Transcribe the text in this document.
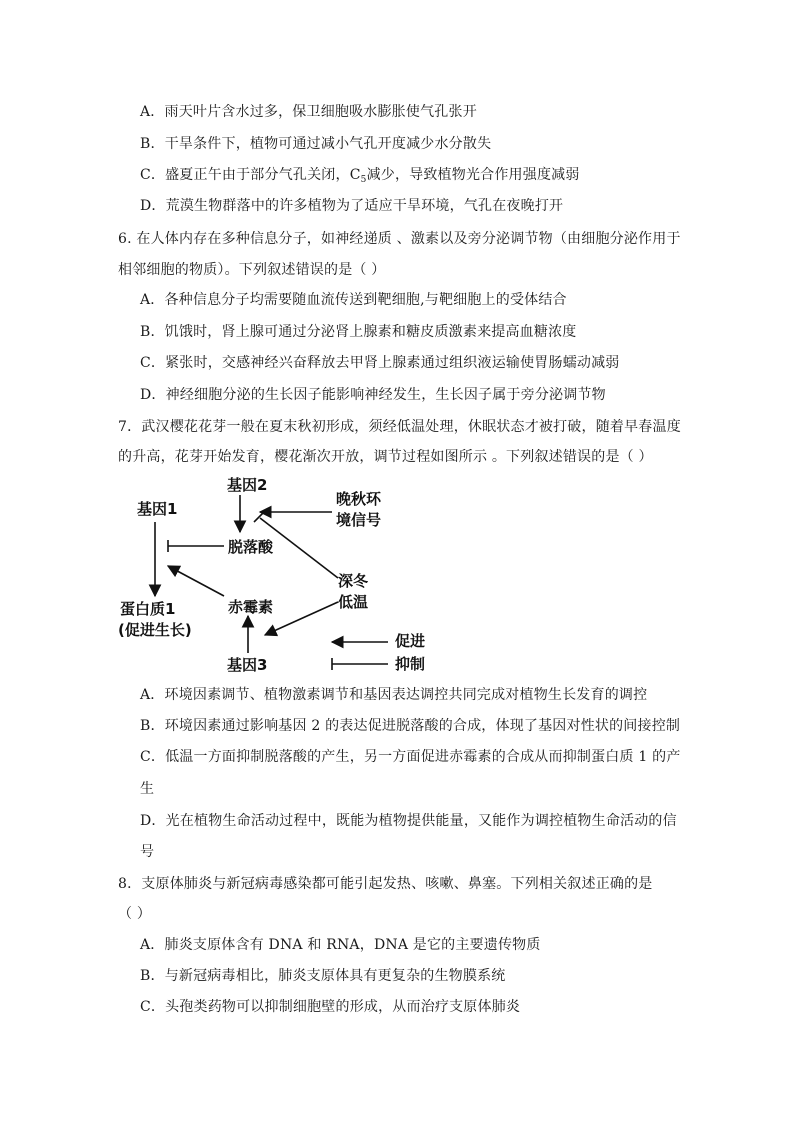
A．雨天叶片含水过多，保卫细胞吸水膨胀使气孔张开
B．干旱条件下，植物可通过减小气孔开度减少水分散失
C．盛夏正午由于部分气孔关闭，$C_5$减少，导致植物光合作用强度减弱
D．荒漠生物群落中的许多植物为了适应干旱环境，气孔在夜晚打开
6. 在人体内存在多种信息分子，如神经递质 、激素以及旁分泌调节物（由细胞分泌作用于
相邻细胞的物质）。下列叙述错误的是（ ）
A．各种信息分子均需要随血流传送到靶细胞,与靶细胞上的受体结合
B．饥饿时，肾上腺可通过分泌肾上腺素和糖皮质激素来提高血糖浓度
C．紧张时，交感神经兴奋释放去甲肾上腺素通过组织液运输使胃肠蠕动减弱
D．神经细胞分泌的生长因子能影响神经发生，生长因子属于旁分泌调节物
7．武汉樱花花芽一般在夏末秋初形成，须经低温处理，休眠状态才被打破，随着早春温度
的升高，花芽开始发育，樱花渐次开放，调节过程如图所示 。下列叙述错误的是（ ）
基因2
基因1
晚秋环
境信号
脱落酸
深冬
低温
赤霉素
蛋白质1
(促进生长)
基因3
促进
抑制
A．环境因素调节、植物激素调节和基因表达调控共同完成对植物生长发育的调控
B．环境因素通过影响基因 2 的表达促进脱落酸的合成，体现了基因对性状的间接控制
C．低温一方面抑制脱落酸的产生，另一方面促进赤霉素的合成从而抑制蛋白质 1 的产
生
D．光在植物生命活动过程中，既能为植物提供能量，又能作为调控植物生命活动的信
号
8．支原体肺炎与新冠病毒感染都可能引起发热、咳嗽、鼻塞。下列相关叙述正确的是
（ ）
A．肺炎支原体含有 DNA 和 RNA，DNA 是它的主要遗传物质
B．与新冠病毒相比，肺炎支原体具有更复杂的生物膜系统
C．头孢类药物可以抑制细胞壁的形成，从而治疗支原体肺炎
